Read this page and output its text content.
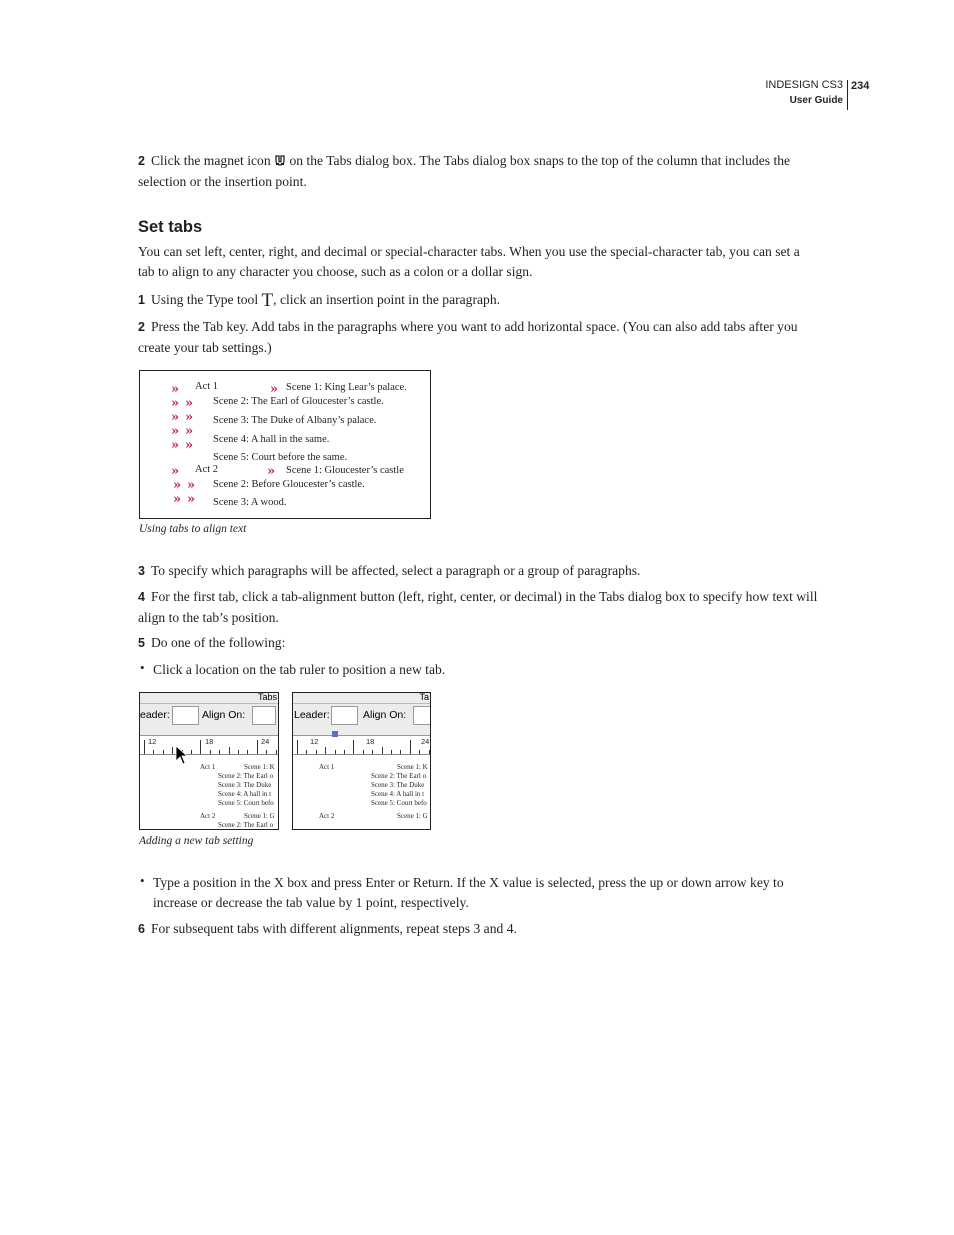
INDESIGN CS3
User Guide
234
2 Click the magnet icon on the Tabs dialog box. The Tabs dialog box snaps to the top of the column that includes the selection or the insertion point.
Set tabs
You can set left, center, right, and decimal or special-character tabs. When you use the special-character tab, you can set a tab to align to any character you choose, such as a colon or a dollar sign.
1 Using the Type tool T, click an insertion point in the paragraph.
2 Press the Tab key. Add tabs in the paragraphs where you want to add horizontal space. (You can also add tabs after you create your tab settings.)
» Act 1	» Scene 1: King Lear’s palace.
» » Scene 2: The Earl of Gloucester’s castle.
» » Scene 3: The Duke of Albany’s palace.
» »
Scene 4: A hall in the same.
» »
Scene 5: Court before the same.
» Act 2	» Scene 1: Gloucester’s castle
» » Scene 2: Before Gloucester’s castle.
» » Scene 3: A wood.
Using tabs to align text
3 To specify which paragraphs will be affected, select a paragraph or a group of paragraphs.
4 For the first tab, click a tab-alignment button (left, right, center, or decimal) in the Tabs dialog box to specify how text will align to the tab’s position.
5 Do one of the following:
• Click a location on the tab ruler to position a new tab.
Tabs
eader:	Align On:
12	18	24
Act 1	Scene 1: K
Scene 2: The Earl o
Scene 3: The Duke
Scene 4: A hall in t
Scene 5: Court befo
Act 2	Scene 1: G
Scene 2: The Earl o
Ta
Leader:	Align On:
12	18	24
Act 1	Scene 1: K
Scene 2: The Earl o
Scene 3: The Duke
Scene 4: A hall in t
Scene 5: Court befo
Act 2	Scene 1: G
Adding a new tab setting
• Type a position in the X box and press Enter or Return. If the X value is selected, press the up or down arrow key to increase or decrease the tab value by 1 point, respectively.
6 For subsequent tabs with different alignments, repeat steps 3 and 4.
